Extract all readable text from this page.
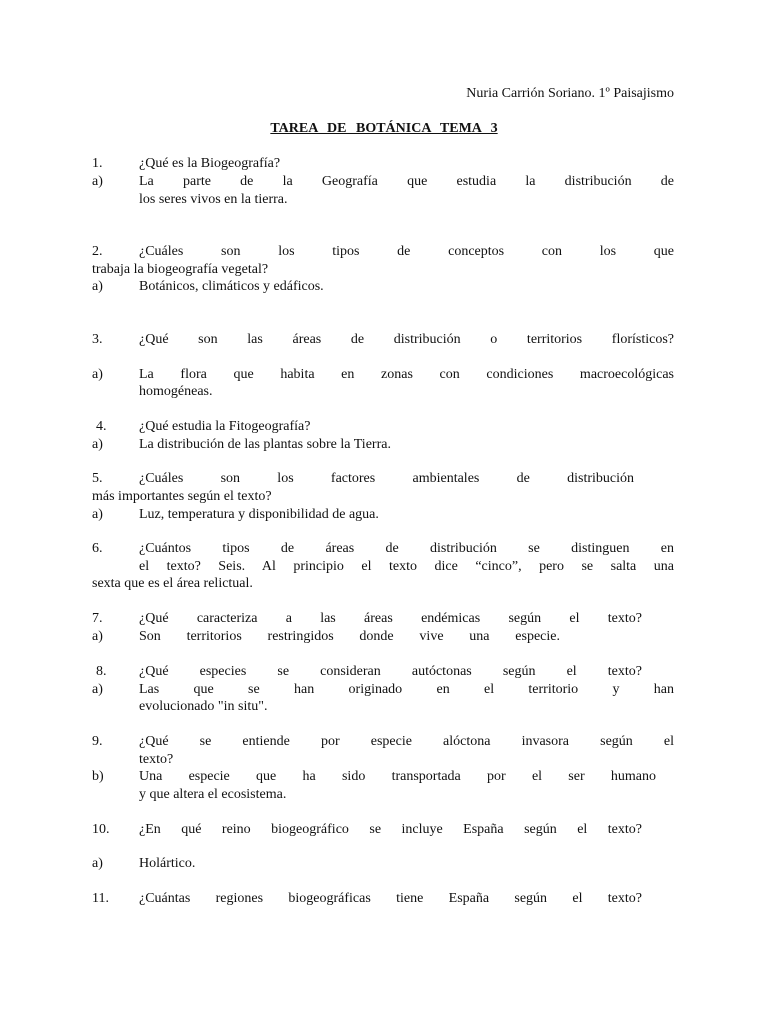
Nuria Carrión Soriano. 1º Paisajismo
TAREA DE BOTÁNICA TEMA 3
1.	¿Qué es la Biogeografía?
a)	La parte de la Geografía que estudia la distribución de
los seres vivos en la tierra.
2.	¿Cuáles son los tipos de conceptos con los que
trabaja la biogeografía vegetal?
a)	Botánicos, climáticos y edáficos.
3.	¿Qué son las áreas de distribución o territorios florísticos?
a)	La flora que habita en zonas con condiciones macroecológicas
homogéneas.
4. ¿Qué estudia la Fitogeografía?
a)	La distribución de las plantas sobre la Tierra.
5.	¿Cuáles son los factores ambientales de distribución
más importantes según el texto?
a)	Luz, temperatura y disponibilidad de agua.
6.	¿Cuántos tipos de áreas de distribución se distinguen en
el texto? Seis. Al principio el texto dice “cinco”, pero se salta una
sexta que es el área relictual.
7.	¿Qué caracteriza a las áreas endémicas según el texto?
a)	Son territorios restringidos donde vive una especie.
8. ¿Qué especies se consideran autóctonas según el texto?
a)	Las que se han originado en el territorio y han
evolucionado "in situ".
9.	¿Qué se entiende por especie alóctona invasora según el
texto?
b)	Una especie que ha sido transportada por el ser humano
y que altera el ecosistema.
10. ¿En qué reino biogeográfico se incluye España según el texto?
a)	Holártico.
11. ¿Cuántas regiones biogeográficas tiene España según el texto?
